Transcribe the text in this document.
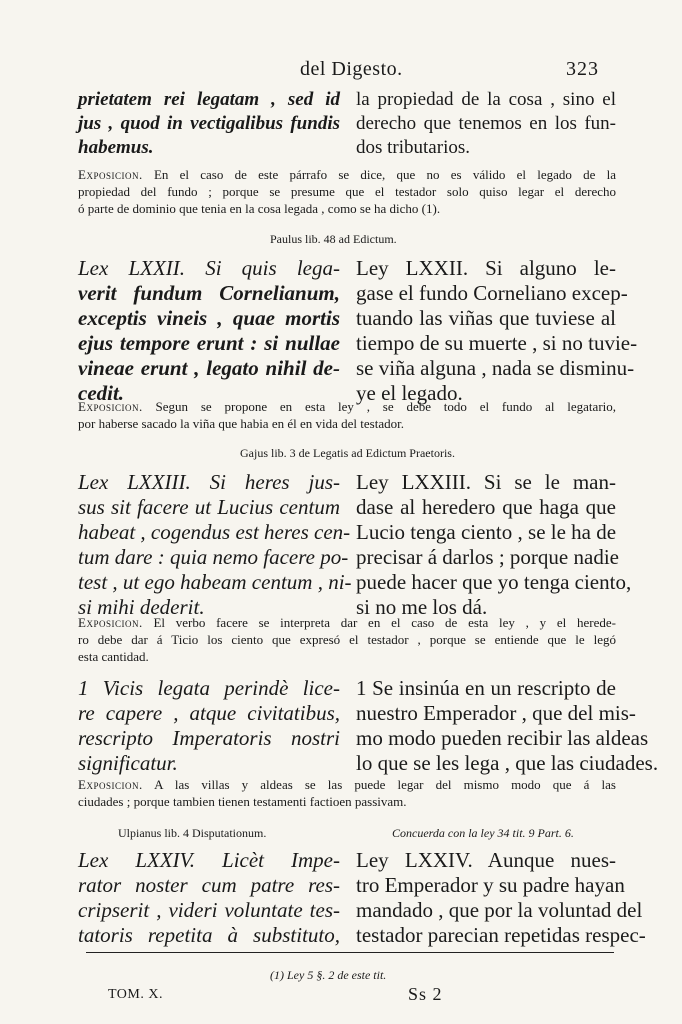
del Digesto.	323
prietatem rei legatam , sed id
jus , quod in vectigalibus fundis
habemus.
la propiedad de la cosa , sino el
derecho que tenemos en los fun-
dos tributarios.
Exposicion. En el caso de este párrafo se dice, que no es válido el legado de la
propiedad del fundo ; porque se presume que el testador solo quiso legar el derecho
ó parte de dominio que tenia en la cosa legada , como se ha dicho (1).
Paulus lib. 48 ad Edictum.
Lex LXXII. Si quis lega-
verit fundum Cornelianum,
exceptis vineis , quae mortis
ejus tempore erunt : si nullae
vineae erunt , legato nihil de-
cedit.
Ley LXXII. Si alguno le-
gase el fundo Corneliano excep-
tuando las viñas que tuviese al
tiempo de su muerte , si no tuvie-
se viña alguna , nada se disminu-
ye el legado.
Exposicion. Segun se propone en esta ley , se debe todo el fundo al legatario,
por haberse sacado la viña que habia en él en vida del testador.
Gajus lib. 3 de Legatis ad Edictum Praetoris.
Lex LXXIII. Si heres jus-
sus sit facere ut Lucius centum
habeat , cogendus est heres cen-
tum dare : quia nemo facere po-
test , ut ego habeam centum , ni-
si mihi dederit.
Ley LXXIII. Si se le man-
dase al heredero que haga que
Lucio tenga ciento , se le ha de
precisar á darlos ; porque nadie
puede hacer que yo tenga ciento,
si no me los dá.
Exposicion. El verbo facere se interpreta dar en el caso de esta ley , y el herede-
ro debe dar á Ticio los ciento que expresó el testador , porque se entiende que le legó
esta cantidad.
1 Vicis legata perindè lice-
re capere , atque civitatibus,
rescripto Imperatoris nostri
significatur.
1 Se insinúa en un rescripto de
nuestro Emperador , que del mis-
mo modo pueden recibir las aldeas
lo que se les lega , que las ciudades.
Exposicion. A las villas y aldeas se las puede legar del mismo modo que á las
ciudades ; porque tambien tienen testamenti factioen passivam.
Ulpianus lib. 4 Disputationum.	Concuerda con la ley 34 tit. 9 Part. 6.
Lex LXXIV. Licèt Impe-
rator noster cum patre res-
cripserit , videri voluntate tes-
tatoris repetita à substituto,
Ley LXXIV. Aunque nues-
tro Emperador y su padre hayan
mandado , que por la voluntad del
testador parecian repetidas respec-
(1) Ley 5 §. 2 de este tit.
TOM. X.	Ss 2
